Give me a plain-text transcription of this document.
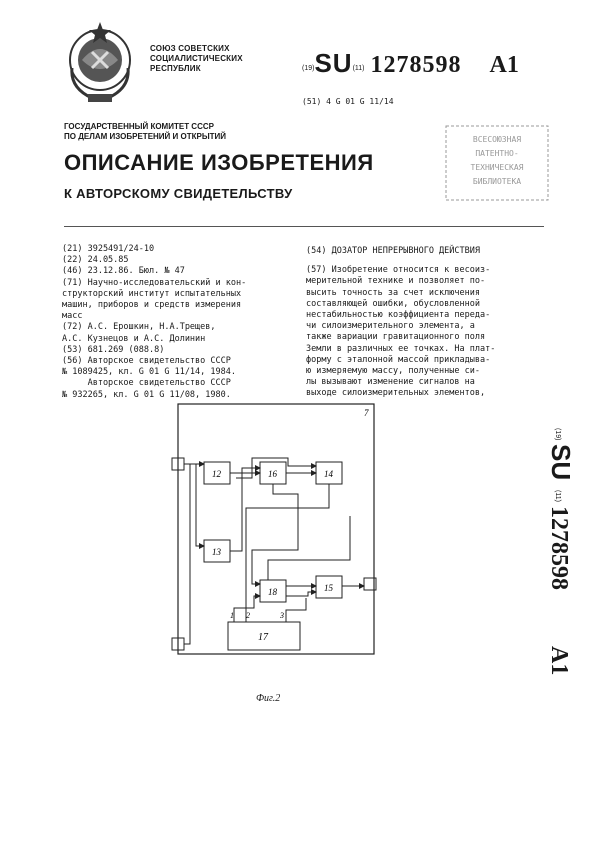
СОЮЗ СОВЕТСКИХ
СОЦИАЛИСТИЧЕСКИХ
РЕСПУБЛИК	(19)SU(11) 1278598 A1
(51) 4 G 01 G 11/14
ГОСУДАРСТВЕННЫЙ КОМИТЕТ СССР
ПО ДЕЛАМ ИЗОБРЕТЕНИЙ И ОТКРЫТИЙ	ВСЕСОЮЗНАЯ
ПАТЕНТНО-
ТЕХНИЧЕСКАЯ
БИБЛИОТЕКА
ОПИСАНИЕ ИЗОБРЕТЕНИЯ
К АВТОРСКОМУ СВИДЕТЕЛЬСТВУ
(21) 3925491/24-10
(22) 24.05.85
(46) 23.12.86. Бюл. № 47
(71) Научно-исследовательский и кон-
структорский институт испытательных
машин, приборов и средств измерения
масс
(72) А.С. Ерошкин, Н.А.Трещев,
А.С. Кузнецов и А.С. Долинин
(53) 681.269 (088.8)
(56) Авторское свидетельство СССР
№ 1089425, кл. G 01 G 11/14, 1984.
Авторское свидетельство СССР
№ 932265, кл. G 01 G 11/08, 1980.
(54) ДОЗАТОР НЕПРЕРЫВНОГО ДЕЙСТВИЯ
(57) Изобретение относится к весоиз-
мерительной технике и позволяет по-
высить точность за счет исключения
составляющей ошибки, обусловленной
нестабильностью коэффициента переда-
чи силоизмерительного элемента, а
также вариации гравитационного поля
Земли в различных ее точках. На плат-
форму с эталонной массой прикладыва-
ю измеряемую массу, полученные си-
лы вызывают изменение сигналов на
выходе силоизмерительных элементов,
7
12	16	14
13
18	15
17
1 2	3
Фиг.2
(19)
SU
(11)
1278598
A1
